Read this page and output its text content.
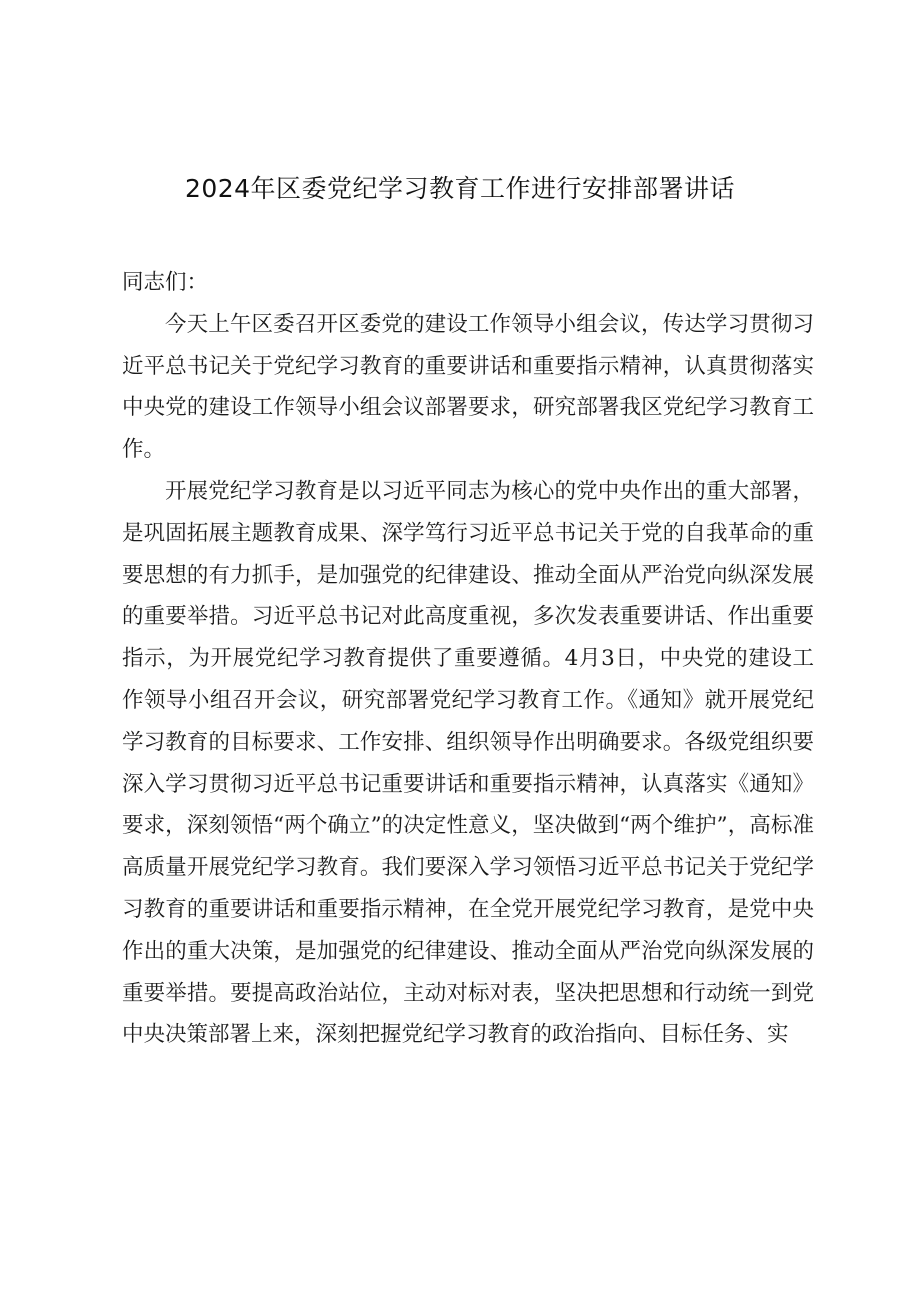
2024年区委党纪学习教育工作进行安排部署讲话

同志们：

今天上午区委召开区委党的建设工作领导小组会议，传达学习贯彻习近平总书记关于党纪学习教育的重要讲话和重要指示精神，认真贯彻落实中央党的建设工作领导小组会议部署要求，研究部署我区党纪学习教育工作。

开展党纪学习教育是以习近平同志为核心的党中央作出的重大部署，是巩固拓展主题教育成果、深学笃行习近平总书记关于党的自我革命的重要思想的有力抓手，是加强党的纪律建设、推动全面从严治党向纵深发展的重要举措。习近平总书记对此高度重视，多次发表重要讲话、作出重要指示，为开展党纪学习教育提供了重要遵循。4月3日，中央党的建设工作领导小组召开会议，研究部署党纪学习教育工作。《通知》就开展党纪学习教育的目标要求、工作安排、组织领导作出明确要求。各级党组织要深入学习贯彻习近平总书记重要讲话和重要指示精神，认真落实《通知》要求，深刻领悟“两个确立”的决定性意义，坚决做到“两个维护”，高标准高质量开展党纪学习教育。我们要深入学习领悟习近平总书记关于党纪学习教育的重要讲话和重要指示精神，在全党开展党纪学习教育，是党中央作出的重大决策，是加强党的纪律建设、推动全面从严治党向纵深发展的重要举措。要提高政治站位，主动对标对表，坚决把思想和行动统一到党中央决策部署上来，深刻把握党纪学习教育的政治指向、目标任务、实
